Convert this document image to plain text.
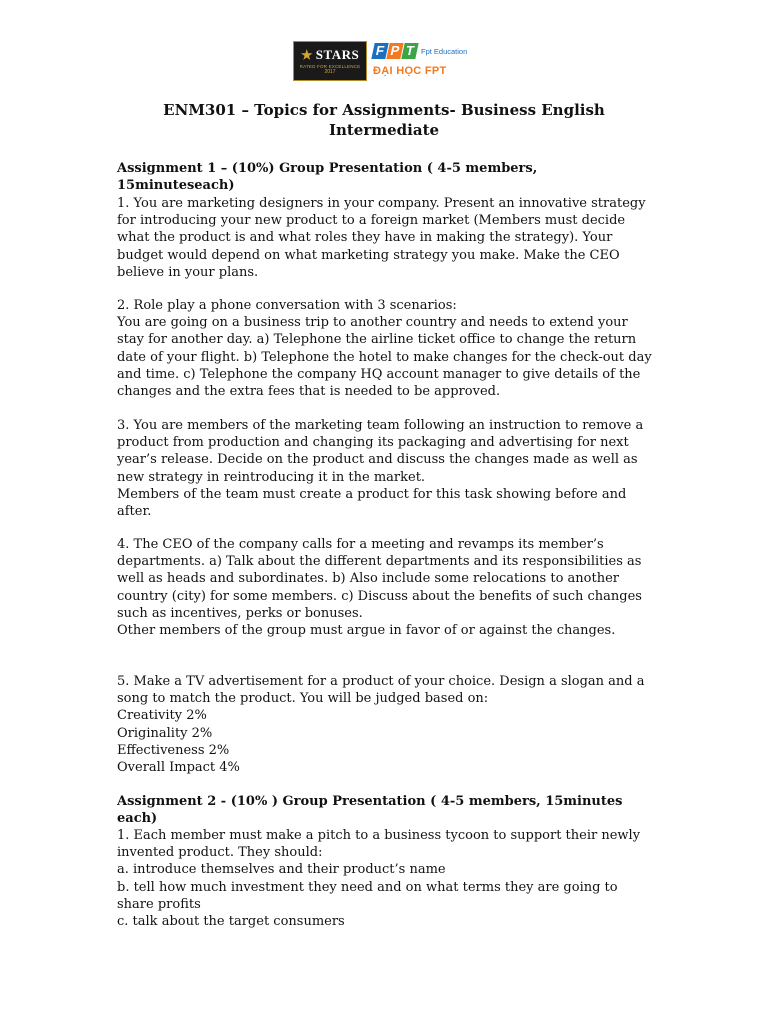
STARS
RATED FOR EXCELLENCE
2017
F P T Fpt Education
ĐẠI HỌC FPT
ENM301 – Topics for Assignments- Business English
Intermediate
Assignment 1 – (10%) Group Presentation ( 4-5 members, 15minuteseach)
1. You are marketing designers in your company. Present an innovative strategy
for introducing your new product to a foreign market (Members must decide
what the product is and what roles they have in making the strategy). Your
budget would depend on what marketing strategy you make. Make the CEO
believe in your plans.
2. Role play a phone conversation with 3 scenarios:
You are going on a business trip to another country and needs to extend your
stay for another day. a) Telephone the airline ticket office to change the return
date of your flight. b) Telephone the hotel to make changes for the check-out day
and time. c) Telephone the company HQ account manager to give details of the
changes and the extra fees that is needed to be approved.
3. You are members of the marketing team following an instruction to remove a
product from production and changing its packaging and advertising for next
year’s release. Decide on the product and discuss the changes made as well as
new strategy in reintroducing it in the market.
Members of the team must create a product for this task showing before and
after.
4. The CEO of the company calls for a meeting and revamps its member’s
departments. a) Talk about the different departments and its responsibilities as
well as heads and subordinates. b) Also include some relocations to another
country (city) for some members. c) Discuss about the benefits of such changes
such as incentives, perks or bonuses.
Other members of the group must argue in favor of or against the changes.
5. Make a TV advertisement for a product of your choice. Design a slogan and a
song to match the product. You will be judged based on:
Creativity 2%
Originality 2%
Effectiveness 2%
Overall Impact 4%
Assignment 2 - (10% ) Group Presentation ( 4-5 members, 15minutes each)
1. Each member must make a pitch to a business tycoon to support their newly
invented product. They should:
a. introduce themselves and their product’s name
b. tell how much investment they need and on what terms they are going to
share profits
c. talk about the target consumers
